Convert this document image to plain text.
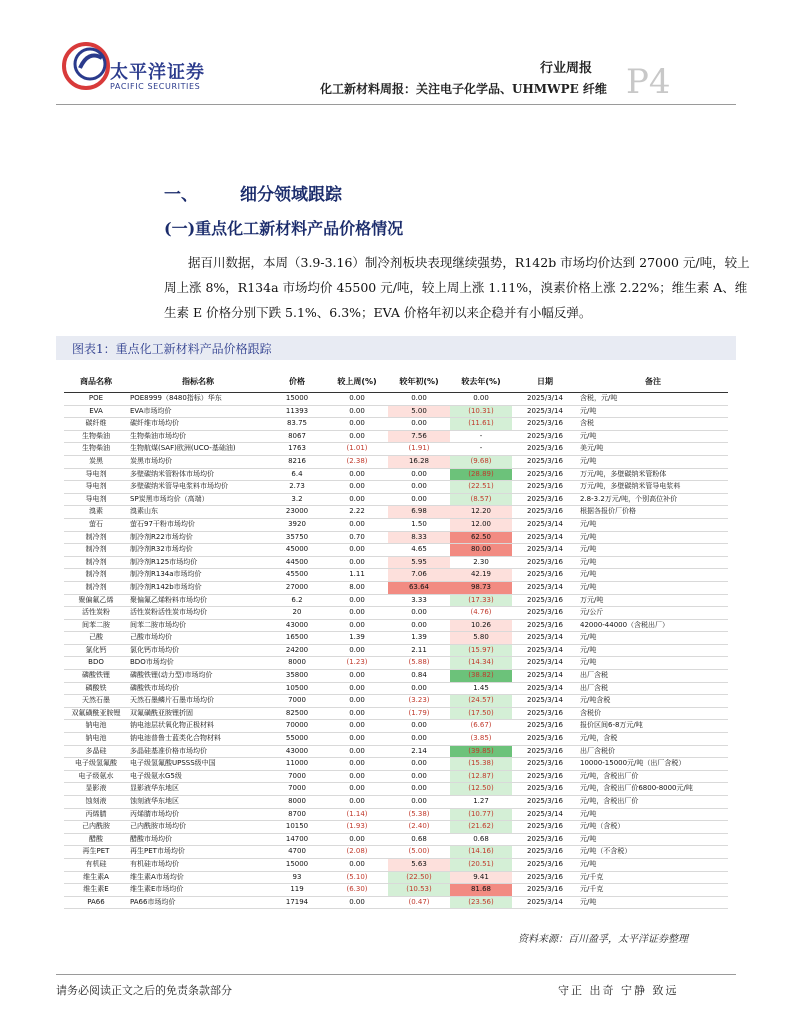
太平洋证券
PACIFIC SECURITIES
行业周报
化工新材料周报：关注电子化学品、UHMWPE 纤维 P4
一、 细分领域跟踪
(一)重点化工新材料产品价格情况
据百川数据，本周（3.9-3.16）制冷剂板块表现继续强势，R142b 市场均价达到 27000 元/吨，较上周上涨 8%，R134a 市场均价 45500 元/吨，较上周上涨 1.11%，溴素价格上涨 2.22%；维生素 A、维生素 E 价格分别下跌 5.1%、6.3%；EVA 价格年初以来企稳并有小幅反弹。
图表1：重点化工新材料产品价格跟踪
商品名称	指标名称	价格	较上周(%)	较年初(%)	较去年(%)	日期	备注
POE	POE8999（8480指标）华东	15000	0.00	0.00	0.00	2025/3/14	含税，元/吨
EVA	EVA市场均价	11393	0.00	5.00	(10.31)	2025/3/14	元/吨
碳纤维	碳纤维市场均价	83.75	0.00	0.00	(11.61)	2025/3/16	含税
生物柴油	生物柴油市场均价	8067	0.00	7.56	-	2025/3/16	元/吨
生物柴油	生物航煤(SAF)欧洲(UCO-基础油)	1763	(1.01)	(1.91)	-	2025/3/16	美元/吨
炭黑	炭黑市场均价	8216	(2.38)	16.28	(9.68)	2025/3/16	元/吨
导电剂	多壁碳纳米管粉体市场均价	6.4	0.00	0.00	(28.89)	2025/3/16	万元/吨，多壁碳纳米管粉体
导电剂	多壁碳纳米管导电浆料市场均价	2.73	0.00	0.00	(22.51)	2025/3/16	万元/吨，多壁碳纳米管导电浆料
导电剂	SP炭黑市场均价（高端）	3.2	0.00	0.00	(8.57)	2025/3/16	2.8-3.2万元/吨，个别高位补价
溴素	溴素山东	23000	2.22	6.98	12.20	2025/3/16	根据各报价厂价格
萤石	萤石97干粉市场均价	3920	0.00	1.50	12.00	2025/3/14	元/吨
制冷剂	制冷剂R22市场均价	35750	0.70	8.33	62.50	2025/3/14	元/吨
制冷剂	制冷剂R32市场均价	45000	0.00	4.65	80.00	2025/3/14	元/吨
制冷剂	制冷剂R125市场均价	44500	0.00	5.95	2.30	2025/3/16	元/吨
制冷剂	制冷剂R134a市场均价	45500	1.11	7.06	42.19	2025/3/16	元/吨
制冷剂	制冷剂R142b市场均价	27000	8.00	63.64	98.73	2025/3/14	元/吨
聚偏氟乙烯	聚偏氟乙烯粉料市场均价	6.2	0.00	3.33	(17.33)	2025/3/16	万元/吨
活性炭粉	活性炭粉活性炭市场均价	20	0.00	0.00	(4.76)	2025/3/16	元/公斤
间苯二胺	间苯二胺市场均价	43000	0.00	0.00	10.26	2025/3/16	42000-44000（含税出厂）
己酸	己酸市场均价	16500	1.39	1.39	5.80	2025/3/14	元/吨
氯化钙	氯化钙市场均价	24200	0.00	2.11	(15.97)	2025/3/14	元/吨
BDO	BDO市场均价	8000	(1.23)	(5.88)	(14.34)	2025/3/14	元/吨
磷酸铁锂	磷酸铁锂(动力型)市场均价	35800	0.00	0.84	(38.82)	2025/3/14	出厂含税
磷酸铁	磷酸铁市场均价	10500	0.00	0.00	1.45	2025/3/14	出厂含税
天然石墨	天然石墨鳞片石墨市场均价	7000	0.00	(3.23)	(24.57)	2025/3/14	元/吨含税
双氟磺酰亚胺锂	双氟磺酰亚胺锂折固	82500	0.00	(1.79)	(17.50)	2025/3/16	含税价
钠电池	钠电池层状氧化物正极材料	70000	0.00	0.00	(6.67)	2025/3/16	报价区间6-8万元/吨
钠电池	钠电池普鲁士蓝类化合物材料	55000	0.00	0.00	(3.85)	2025/3/16	元/吨，含税
多晶硅	多晶硅基准价格市场均价	43000	0.00	2.14	(39.85)	2025/3/16	出厂含税价
电子级氢氟酸	电子级氢氟酸UPSSS级中国	11000	0.00	0.00	(15.38)	2025/3/16	10000-15000元/吨（出厂含税）
电子级氨水	电子级氨水G5级	7000	0.00	0.00	(12.87)	2025/3/16	元/吨，含税出厂价
显影液	显影液华东地区	7000	0.00	0.00	(12.50)	2025/3/16	元/吨，含税出厂价6800-8000元/吨
蚀刻液	蚀刻液华东地区	8000	0.00	0.00	1.27	2025/3/16	元/吨，含税出厂价
丙烯腈	丙烯腈市场均价	8700	(1.14)	(5.38)	(10.77)	2025/3/14	元/吨
己内酰胺	己内酰胺市场均价	10150	(1.93)	(2.40)	(21.62)	2025/3/16	元/吨（含税）
醋酸	醋酸市场均价	14700	0.00	0.68	0.68	2025/3/16	元/吨
再生PET	再生PET市场均价	4700	(2.08)	(5.00)	(14.16)	2025/3/16	元/吨（不含税）
有机硅	有机硅市场均价	15000	0.00	5.63	(20.51)	2025/3/16	元/吨
维生素A	维生素A市场均价	93	(5.10)	(22.50)	9.41	2025/3/16	元/千克
维生素E	维生素E市场均价	119	(6.30)	(10.53)	81.68	2025/3/16	元/千克
PA66	PA66市场均价	17194	0.00	(0.47)	(23.56)	2025/3/14	元/吨
资料来源：百川盈孚，太平洋证券整理
请务必阅读正文之后的免责条款部分	守正 出奇 宁静 致远
